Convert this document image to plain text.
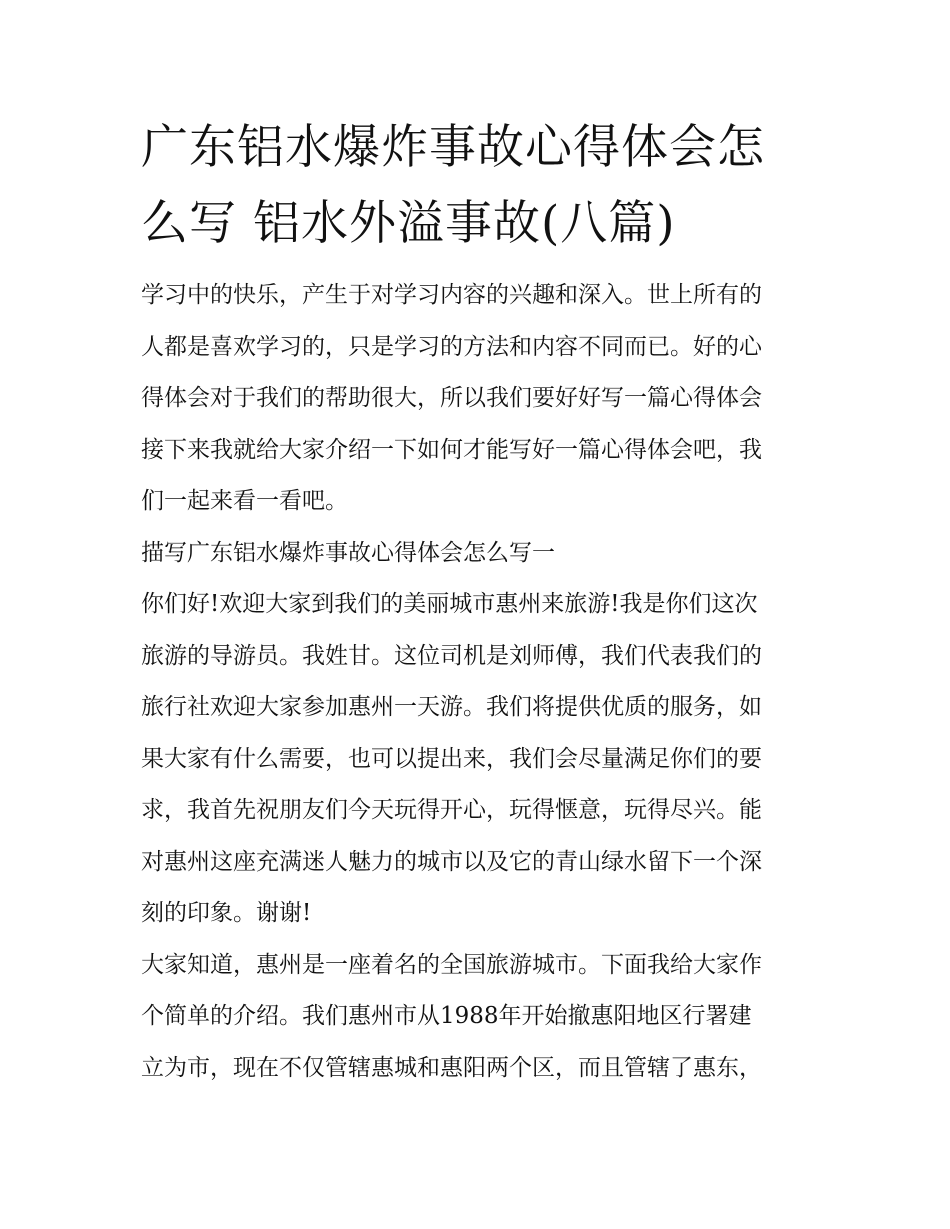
广东铝水爆炸事故心得体会怎
么写 铝水外溢事故(八篇)

学习中的快乐，产生于对学习内容的兴趣和深入。世上所有的
人都是喜欢学习的，只是学习的方法和内容不同而已。好的心
得体会对于我们的帮助很大，所以我们要好好写一篇心得体会
接下来我就给大家介绍一下如何才能写好一篇心得体会吧，我
们一起来看一看吧。

描写广东铝水爆炸事故心得体会怎么写一

你们好!欢迎大家到我们的美丽城市惠州来旅游!我是你们这次
旅游的导游员。我姓甘。这位司机是刘师傅，我们代表我们的
旅行社欢迎大家参加惠州一天游。我们将提供优质的服务，如
果大家有什么需要，也可以提出来，我们会尽量满足你们的要
求，我首先祝朋友们今天玩得开心，玩得惬意，玩得尽兴。能
对惠州这座充满迷人魅力的城市以及它的青山绿水留下一个深
刻的印象。谢谢!

大家知道，惠州是一座着名的全国旅游城市。下面我给大家作
个简单的介绍。我们惠州市从1988年开始撤惠阳地区行署建
立为市，现在不仅管辖惠城和惠阳两个区，而且管辖了惠东，
